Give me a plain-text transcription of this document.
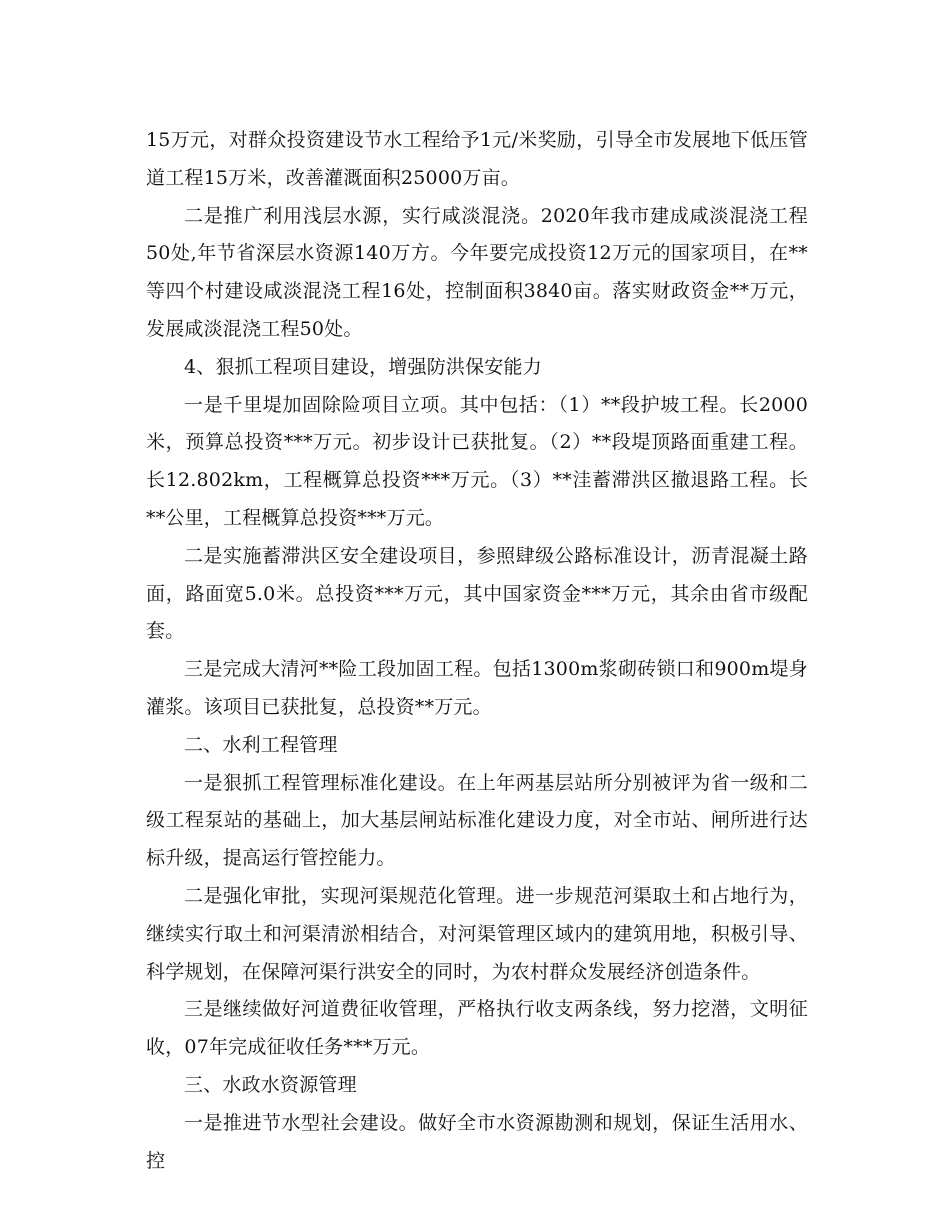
15万元，对群众投资建设节水工程给予1元/米奖励，引导全市发展地下低压管道工程15万米，改善灌溉面积25000万亩。

二是推广利用浅层水源，实行咸淡混浇。2020年我市建成咸淡混浇工程50处,年节省深层水资源140万方。今年要完成投资12万元的国家项目，在**等四个村建设咸淡混浇工程16处，控制面积3840亩。落实财政资金**万元，发展咸淡混浇工程50处。

4、狠抓工程项目建设，增强防洪保安能力

一是千里堤加固除险项目立项。其中包括：（1）**段护坡工程。长2000米，预算总投资***万元。初步设计已获批复。（2）**段堤顶路面重建工程。长12.802km，工程概算总投资***万元。（3）**洼蓄滞洪区撤退路工程。长**公里，工程概算总投资***万元。

二是实施蓄滞洪区安全建设项目，参照肆级公路标准设计，沥青混凝土路面，路面宽5.0米。总投资***万元，其中国家资金***万元，其余由省市级配套。

三是完成大清河**险工段加固工程。包括1300m浆砌砖锁口和900m堤身灌浆。该项目已获批复，总投资**万元。

二、水利工程管理

一是狠抓工程管理标准化建设。在上年两基层站所分别被评为省一级和二级工程泵站的基础上，加大基层闸站标准化建设力度，对全市站、闸所进行达标升级，提高运行管控能力。

二是强化审批，实现河渠规范化管理。进一步规范河渠取土和占地行为，继续实行取土和河渠清淤相结合，对河渠管理区域内的建筑用地，积极引导、科学规划，在保障河渠行洪安全的同时，为农村群众发展经济创造条件。

三是继续做好河道费征收管理，严格执行收支两条线，努力挖潜，文明征收，07年完成征收任务***万元。

三、水政水资源管理

一是推进节水型社会建设。做好全市水资源勘测和规划，保证生活用水、控
